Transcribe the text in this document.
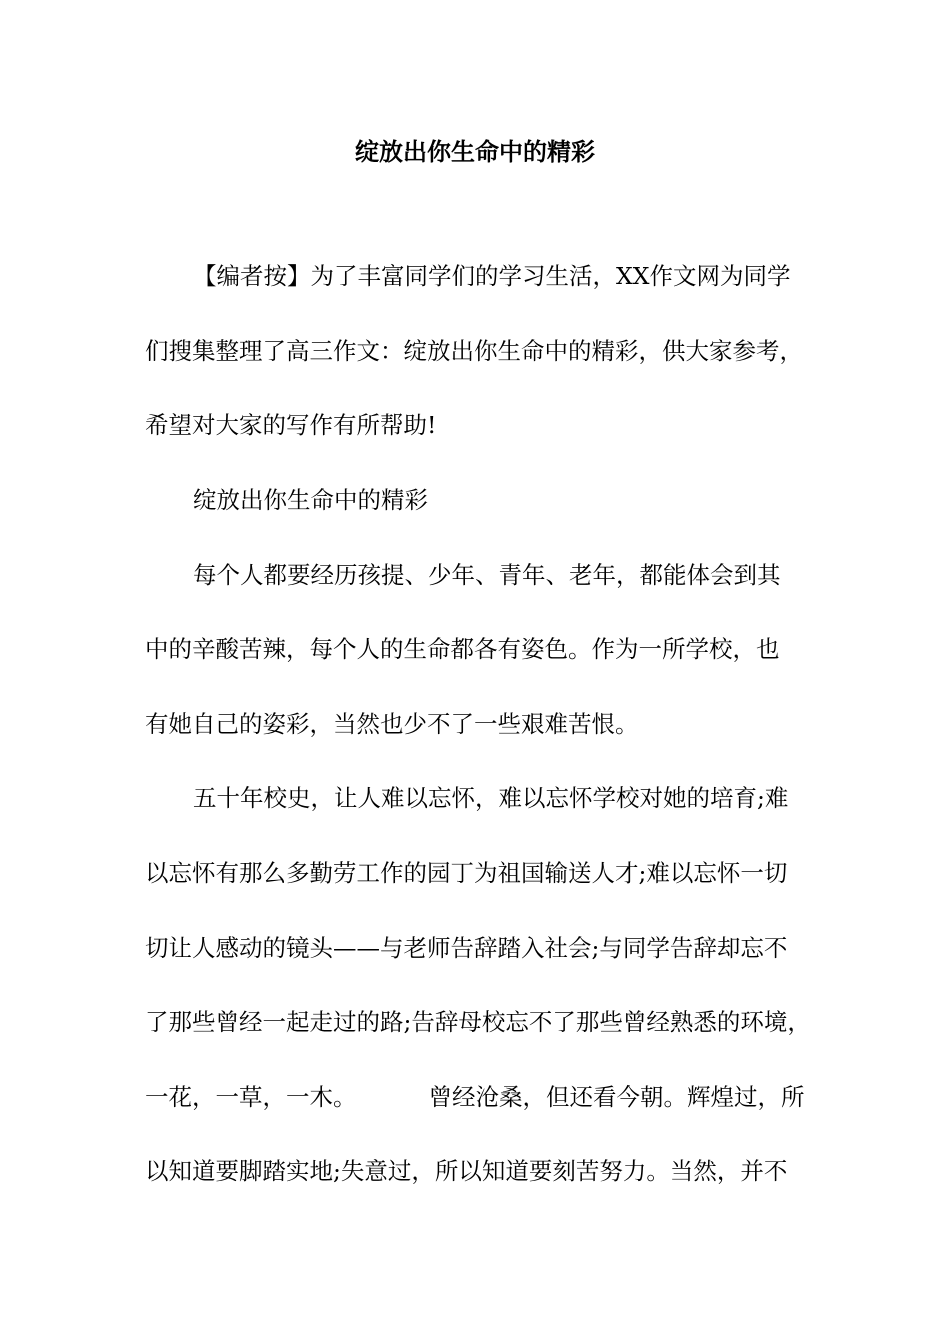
绽放出你生命中的精彩
【编者按】为了丰富同学们的学习生活，XX作文网为同学
们搜集整理了高三作文：绽放出你生命中的精彩，供大家参考，
希望对大家的写作有所帮助!
绽放出你生命中的精彩
每个人都要经历孩提、少年、青年、老年，都能体会到其
中的辛酸苦辣，每个人的生命都各有姿色。作为一所学校，也
有她自己的姿彩，当然也少不了一些艰难苦恨。
五十年校史，让人难以忘怀，难以忘怀学校对她的培育;难
以忘怀有那么多勤劳工作的园丁为祖国输送人才;难以忘怀一切
切让人感动的镜头——与老师告辞踏入社会;与同学告辞却忘不
了那些曾经一起走过的路;告辞母校忘不了那些曾经熟悉的环境，
一花，一草，一木。	曾经沧桑，但还看今朝。辉煌过，所
以知道要脚踏实地;失意过，所以知道要刻苦努力。当然，并不
